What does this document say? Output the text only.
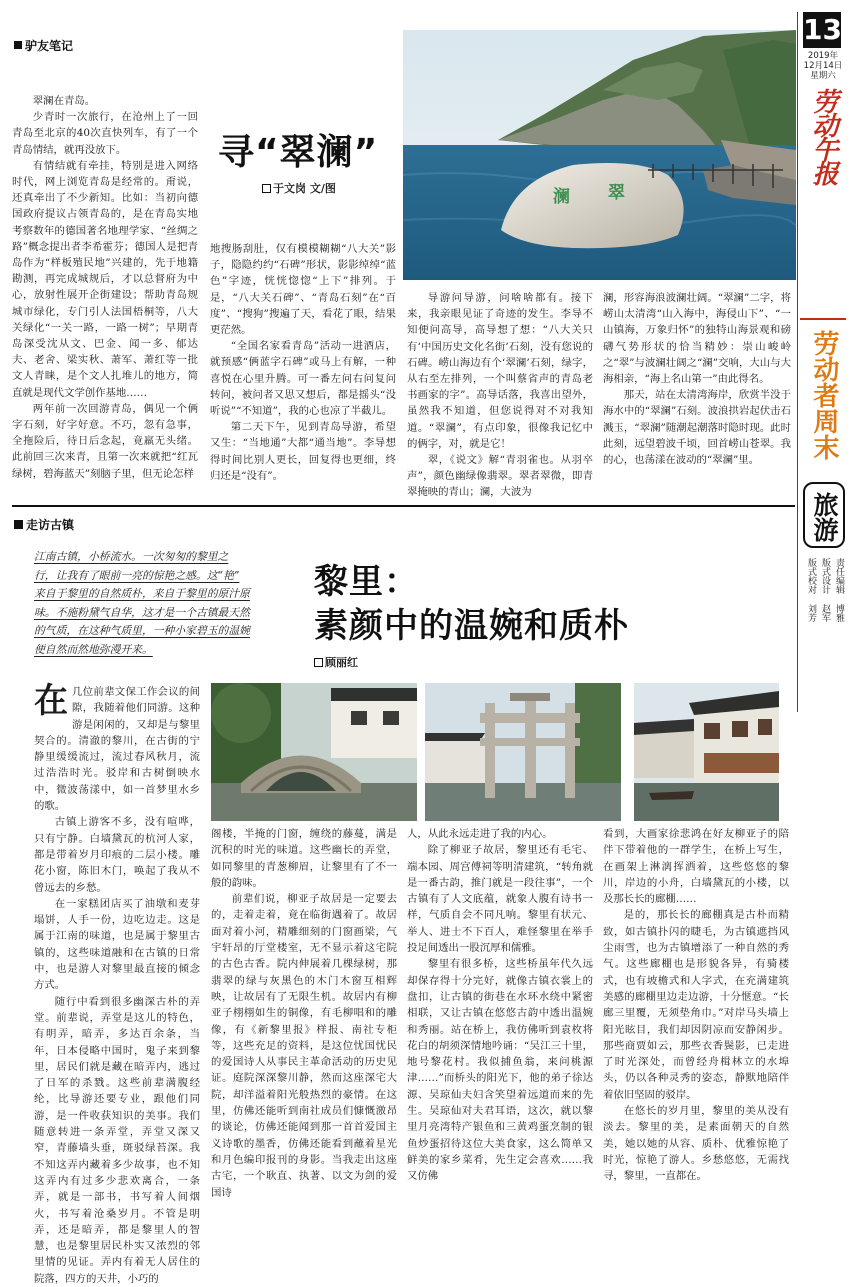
13
2019年
12月14日
星期六
劳动午报
劳动者周末
旅游
责任编辑 博雅
版式设计 赵军
版式校对 刘芳
驴友笔记
寻“翠澜”
于文岗 文/图	澜 翠

翠澜在青岛。

少青时一次旅行，在沧州上了一回青岛至北京的40次直快列车，有了一个青岛情结，就再没放下。

有情结就有牵挂，特别是进入网络时代，网上浏览青岛是经常的。甭说，还真牵出了不少新知。比如：当初向德国政府提议占领青岛的，是在青岛实地考察数年的德国著名地理学家、“丝绸之路”概念提出者李希霍芬；德国人是把青岛作为“样板殖民地”兴建的，先于地籍勘测，再完成城规后，才以总督府为中心，放射性展开企街建设；帮助青岛规城市绿化，专门引人法国梧桐等，八大关绿化“一关一路，一路一树”；早期青岛深受沈从文、巴金、闻一多、郁达夫、老舍、梁实秋、萧军、萧红等一批文人青睐，是个文人扎堆儿的地方，简直就是现代文学创作基地……

两年前一次回游青岛，偶见一个俩字石刻，好字好意。不巧，忽有急事，全拖险后，待日后念起，竟羸无头绪。此前回三次来青，且第一次来就把“红瓦绿树，碧海蓝天”刻脑子里，但无论怎样

地搜肠刮肚，仅有模模糊糊“八大关”影子，隐隐约约“石碑”形状，影影绰绰“蓝色”字迹，恍恍惚惚“上下”排列。于是，“八大关石碑”、“青岛石刻”在“百度”、“搜狗”搜遍了天，看花了眼，结果更茫然。

“全国名家看青岛”活动一进酒店，就预感“俩蓝字石碑”或马上有解，一种喜悦在心里升腾。可一番左问右问复问转问，被问者又思又想后，都是摇头“没听说”“不知道”，我的心也凉了半截儿。

第二天下午，见到青岛导游，希望又生：“当地通”大都“通当地”。李导想得时间比别人更长，回复得也更细，终归还是“没有”。

导游问导游，问啥啥都有。接下来，我亲眼见证了奇迹的发生。李导不知便问高导，高导想了想：“八大关只有‘中国历史文化名街’石刻，没有您说的石碑。崂山海边有个‘翠澜’石刻，绿字，从右至左排列，一个叫蔡省声的青岛老书画家的字”。高导话落，我喜出望外，虽然我不知道，但您说得对不对我知道。“翠澜”，有点印象，很像我记忆中的俩字，对，就是它！

翠，《说文》解“青羽雀也。从羽卒声”，颜色幽绿像翡翠。翠者翠微，即青翠掩映的青山；澜，大波为

澜，形容海浪波澜壮阔。“翠澜”二字，将崂山太清湾“山入海中，海侵山下”、“一山镇海，万象归怀”的独特山海景观和磅礴气势形状的恰当精妙：崇山峻岭之“翠”与波澜壮阔之“澜”交响，大山与大海相亲，“海上名山第一”由此得名。

那天，站在太清湾海岸，欣赏半没于海水中的“翠澜”石刻。波浪拱岩起伏击石溅玉，“翠澜”随潮起潮落时隐时现。此时此刻，远望碧波千顷，回首崂山苍翠。我的心，也荡漾在波动的“翠澜”里。

走访古镇
江南古镇，小桥流水。一次匆匆的黎里之
行，让我有了眼前一亮的惊艳之感。这“艳”
来自于黎里的自然质朴，来自于黎里的原汁原
味。不施粉黛气自华，这才是一个古镇最天然
的气质，在这种气质里，一种小家碧玉的温婉
便自然而然地弥漫开来。
黎里：
素颜中的温婉和质朴
顾丽红
在 几位前辈文保工作会议的间隙，我随着他们同游。这种游是闲闲的，又却是与黎里契合的。清澈的黎川，在古街的宁静里缓缓流过，流过春风秋月，流过浩浩时光。驳岸和古树倒映水中，微波荡漾中，如一首梦里水乡的歌。

古镇上游客不多，没有喧哗，只有宁静。白墙黛瓦的杭河人家，都是带着岁月印痕的二层小楼。雕花小窗，陈旧木门，唤起了我从不曾远去的乡愁。

在一家糕团店买了油墩和麦芽塌饼，人手一份，边吃边走。这是属于江南的味道，也是属于黎里古镇的，这些味道融和在古镇的日常中，也是游人对黎里最直接的倾念方式。

随行中看到很多幽深古朴的弄堂。前辈说，弄堂是这儿的特色，有明弄，暗弄，多达百余条，当年，日本侵略中国时，鬼子来到黎里，居民们就是藏在暗弄内，逃过了日军的杀戮。这些前辈满腹经纶，比导游还要专业，跟他们同游，是一件收获知识的美事。我们随意转进一条弄堂，弄堂又深又窄，青藤墙头垂，斑驳绿苔深。我不知这弄内藏着多少故事，也不知这弄内有过多少悲欢离合，一条弄，就是一部书，书写着人间烟火，书写着沧桑岁月。不管是明弄，还是暗弄，都是黎里人的智慧，也是黎里居民朴实又浓烈的邻里情的见证。弄内有着无人居住的院落，四方的天井，小巧的

阁楼，半掩的门窗，缠绕的藤蔓，满是沉积的时光的味道。这些幽长的弄堂，如同黎里的青葱柳眉，让黎里有了不一般的韵味。

前辈们说，柳亚子故居是一定要去的，走着走着，竟在临街遇着了。故居面对着小河，精雕细刻的门窗画梁，气宇轩昂的厅堂楼室，无不显示着这宅院的古色古香。院内伸展着几棵绿树，那翡翠的绿与灰黑色的木门木窗互相辉映，让故居有了无限生机。故居内有柳亚子栩栩如生的铜像，有毛柳唱和的雕像，有《新黎里报》样报、南社专柜等，这些充足的资料，是这位忧国忧民的爱国诗人从事民主革命活动的历史见证。庭院深深黎川静，然而这座深宅大院，却洋溢着阳光般热烈的豪情。在这里，仿佛还能听到南社成员们慷慨激昂的谈论，仿佛还能闻到那一首首爱国主义诗歌的墨香，仿佛还能看到蘸着星光和月色编印报刊的身影。当我走出这座古宅，一个耿直、执著、以文为剑的爱国诗

人，从此永远走进了我的内心。

除了柳亚子故居，黎里还有毛宅、端本园、周宫傅祠等明清建筑，“转角就是一番古韵，推门就是一段往事”，一个古镇有了人文底蕴，就象人腹有诗书一样，气质自会不同凡响。黎里有状元、举人、进士不下百人，难怪黎里在举手投足间透出一股沉厚和儒雅。

黎里有很多桥，这些桥虽年代久远却保存得十分完好，就像古镇衣裳上的盘扣，让古镇的街巷在水环水绕中紧密相联，又让古镇在悠悠古韵中透出温婉和秀丽。站在桥上，我仿佛听到袁枚将花白的胡须深情地吟诵：“吴江三十里，地号黎花村。我似捕鱼翁，来问桃源津……”而桥头的阳光下，他的弟子徐达源、吴琼仙夫妇含笑望着远道而来的先生。吴琼仙对夫君耳语，这次，就以黎里月亮湾特产银鱼和三黄鸡蛋烹制的银鱼炒蛋招待这位大美食家，这么简单又鲜美的家乡菜肴，先生定会喜欢……我又仿佛

看到，大画家徐悲鸿在好友柳亚子的陪伴下带着他的一群学生，在桥上写生，在画架上淋漓挥洒着，这些悠悠的黎川，岸边的小舟，白墙黛瓦的小楼，以及那长长的廊棚……

是的，那长长的廊棚真是古朴而精致，如古镇扑闪的睫毛，为古镇遮挡风尘雨雪，也为古镇增添了一种自然的秀气。这些廊棚也是形貌各异，有骑楼式，也有坡檐式和人字式，在充满建筑美感的廊棚里边走边游，十分惬意。“长廊三里覆，无须垫角巾。”对岸马头墙上阳光眩目，我们却因阴凉而安静闲步。那些商贾如云，那些衣香鬓影，已走进了时光深处，而曾经舟楫林立的水埠头，仍以各种灵秀的姿态，静默地陪伴着依旧坚固的驳岸。

在悠长的岁月里，黎里的美从没有淡去。黎里的美，是素面朝天的自然美，她以她的从容、质朴、优雅惊艳了时光，惊艳了游人。乡愁悠悠，无需找寻，黎里，一直都在。
